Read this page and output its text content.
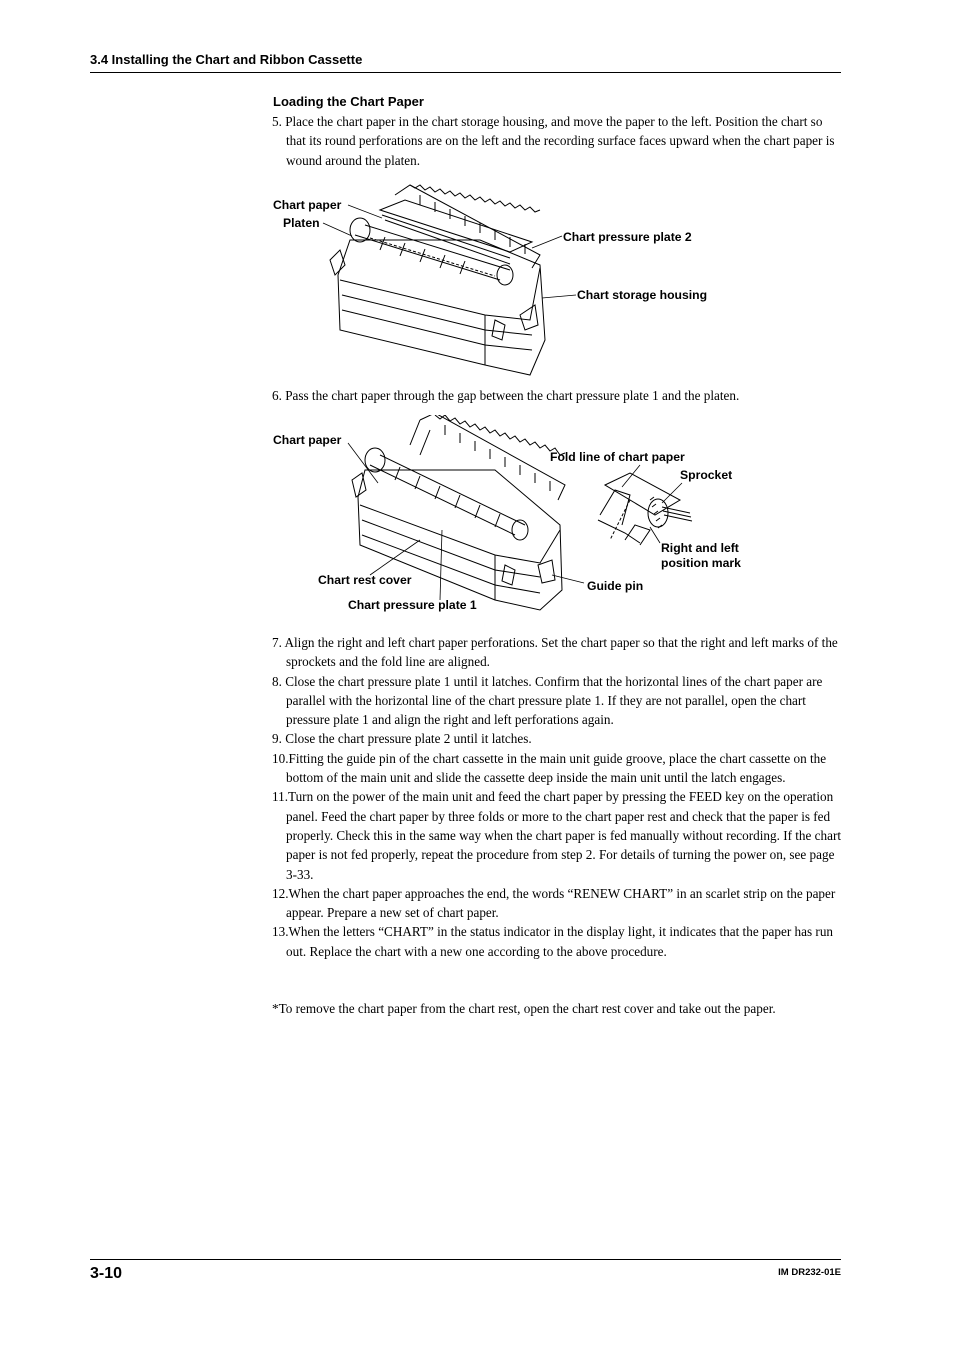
3.4 Installing the Chart and Ribbon Cassette
Loading the Chart Paper

5. Place the chart paper in the chart storage housing, and move the paper to the left. Position the chart so that its round perforations are on the left and the recording surface faces upward when the chart paper is wound around the platen.

Chart paper
Platen
Chart pressure plate 2
Chart storage housing

6. Pass the chart paper through the gap between the chart pressure plate 1 and the platen.

Chart paper
Fold line of chart paper
Sprocket
Right and left
position mark
Chart rest cover	Guide pin
Chart pressure plate 1

7. Align the right and left chart paper perforations. Set the chart paper so that the right and left marks of the sprockets and the fold line are aligned.

8. Close the chart pressure plate 1 until it latches. Confirm that the horizontal lines of the chart paper are parallel with the horizontal line of the chart pressure plate 1. If they are not parallel, open the chart pressure plate 1 and align the right and left perforations again.

9. Close the chart pressure plate 2 until it latches.

10.Fitting the guide pin of the chart cassette in the main unit guide groove, place the chart cassette on the bottom of the main unit and slide the cassette deep inside the main unit until the latch engages.

11.Turn on the power of the main unit and feed the chart paper by pressing the FEED key on the operation panel. Feed the chart paper by three folds or more to the chart paper rest and check that the paper is fed properly. Check this in the same way when the chart paper is fed manually without recording. If the chart paper is not fed properly, repeat the procedure from step 2. For details of turning the power on, see page 3-33.

12.When the chart paper approaches the end, the words “RENEW CHART” in an scarlet strip on the paper appear. Prepare a new set of chart paper.

13.When the letters “CHART” in the status indicator in the display light, it indicates that the paper has run out. Replace the chart with a new one according to the above procedure.

*To remove the chart paper from the chart rest, open the chart rest cover and take out the paper.
3-10	IM DR232-01E
